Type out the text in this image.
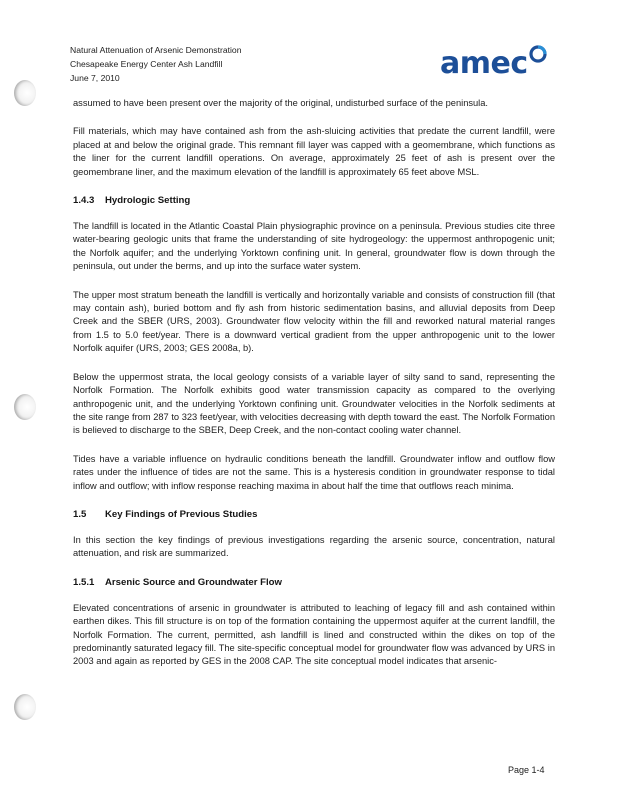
Natural Attenuation of Arsenic Demonstration
Chesapeake Energy Center Ash Landfill
June 7, 2010	amec

assumed to have been present over the majority of the original, undisturbed surface of the peninsula.

Fill materials, which may have contained ash from the ash-sluicing activities that predate the current landfill, were placed at and below the original grade. This remnant fill layer was capped with a geomembrane, which functions as the liner for the current landfill operations. On average, approximately 25 feet of ash is present over the geomembrane liner, and the maximum elevation of the landfill is approximately 65 feet above MSL.

1.4.3 Hydrologic Setting

The landfill is located in the Atlantic Coastal Plain physiographic province on a peninsula. Previous studies cite three water-bearing geologic units that frame the understanding of site hydrogeology: the uppermost anthropogenic unit; the Norfolk aquifer; and the underlying Yorktown confining unit. In general, groundwater flow is down through the peninsula, out under the berms, and up into the surface water system.

The upper most stratum beneath the landfill is vertically and horizontally variable and consists of construction fill (that may contain ash), buried bottom and fly ash from historic sedimentation basins, and alluvial deposits from Deep Creek and the SBER (URS, 2003). Groundwater flow velocity within the fill and reworked natural material ranges from 1.5 to 5.0 feet/year. There is a downward vertical gradient from the upper anthropogenic unit to the lower Norfolk aquifer (URS, 2003; GES 2008a, b).

Below the uppermost strata, the local geology consists of a variable layer of silty sand to sand, representing the Norfolk Formation. The Norfolk exhibits good water transmission capacity as compared to the overlying anthropogenic unit, and the underlying Yorktown confining unit. Groundwater velocities in the Norfolk sediments at the site range from 287 to 323 feet/year, with velocities decreasing with depth toward the east. The Norfolk Formation is believed to discharge to the SBER, Deep Creek, and the non-contact cooling water channel.

Tides have a variable influence on hydraulic conditions beneath the landfill. Groundwater inflow and outflow flow rates under the influence of tides are not the same. This is a hysteresis condition in groundwater response to tidal inflow and outflow; with inflow response reaching maxima in about half the time that outflows reach minima.

1.5 Key Findings of Previous Studies

In this section the key findings of previous investigations regarding the arsenic source, concentration, natural attenuation, and risk are summarized.

1.5.1 Arsenic Source and Groundwater Flow

Elevated concentrations of arsenic in groundwater is attributed to leaching of legacy fill and ash contained within earthen dikes. This fill structure is on top of the formation containing the uppermost aquifer at the current landfill, the Norfolk Formation. The current, permitted, ash landfill is lined and constructed within the dikes on top of the predominantly saturated legacy fill. The site-specific conceptual model for groundwater flow was advanced by URS in 2003 and again as reported by GES in the 2008 CAP. The site conceptual model indicates that arsenic-

Page 1-4
